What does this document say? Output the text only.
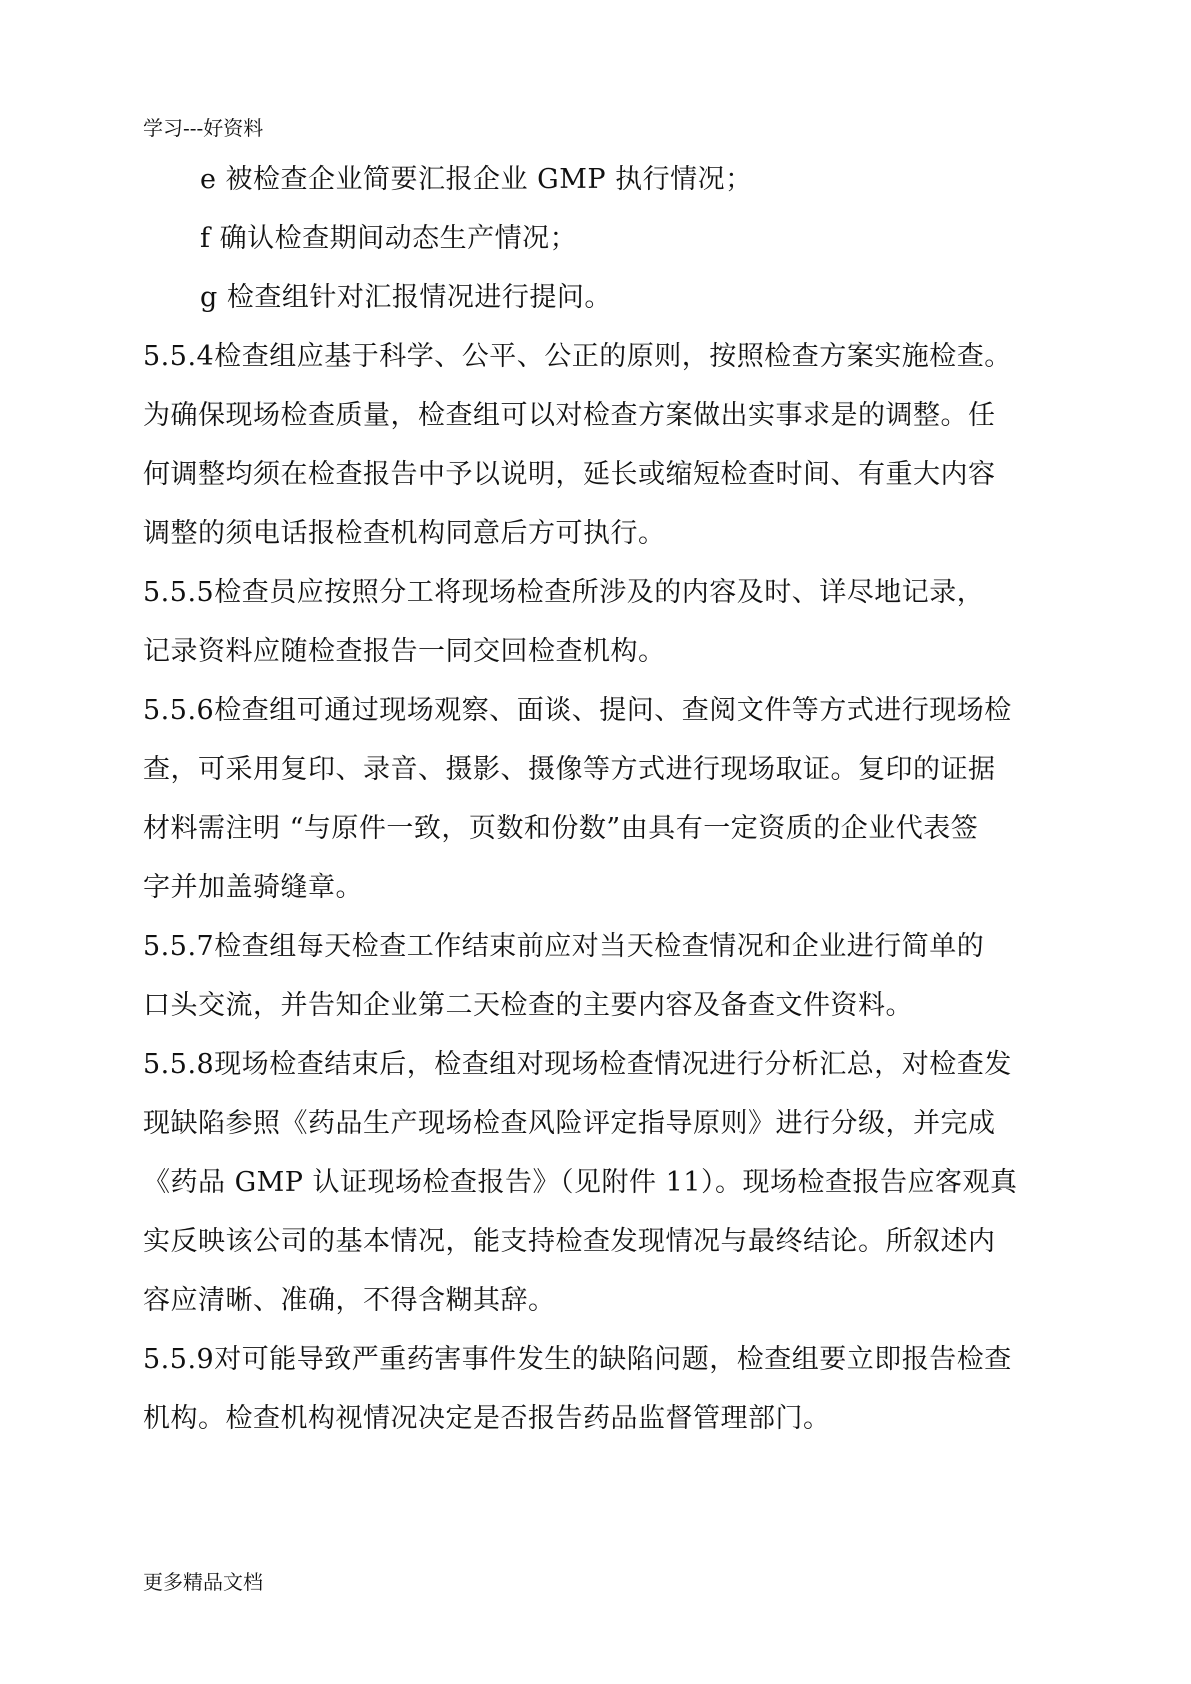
学习---好资料
e 被检查企业简要汇报企业 GMP 执行情况；
f 确认检查期间动态生产情况；
g 检查组针对汇报情况进行提问。
5.5.4检查组应基于科学、公平、公正的原则，按照检查方案实施检查。
为确保现场检查质量，检查组可以对检查方案做出实事求是的调整。任
何调整均须在检查报告中予以说明，延长或缩短检查时间、有重大内容
调整的须电话报检查机构同意后方可执行。
5.5.5检查员应按照分工将现场检查所涉及的内容及时、详尽地记录，
记录资料应随检查报告一同交回检查机构。
5.5.6检查组可通过现场观察、面谈、提问、查阅文件等方式进行现场检
查，可采用复印、录音、摄影、摄像等方式进行现场取证。复印的证据
材料需注明 “与原件一致，页数和份数”由具有一定资质的企业代表签
字并加盖骑缝章。
5.5.7检查组每天检查工作结束前应对当天检查情况和企业进行简单的
口头交流，并告知企业第二天检查的主要内容及备查文件资料。
5.5.8现场检查结束后，检查组对现场检查情况进行分析汇总，对检查发
现缺陷参照《药品生产现场检查风险评定指导原则》进行分级，并完成
《药品 GMP 认证现场检查报告》（见附件 11）。现场检查报告应客观真
实反映该公司的基本情况，能支持检查发现情况与最终结论。所叙述内
容应清晰、准确，不得含糊其辞。
5.5.9对可能导致严重药害事件发生的缺陷问题，检查组要立即报告检查
机构。检查机构视情况决定是否报告药品监督管理部门。
更多精品文档
